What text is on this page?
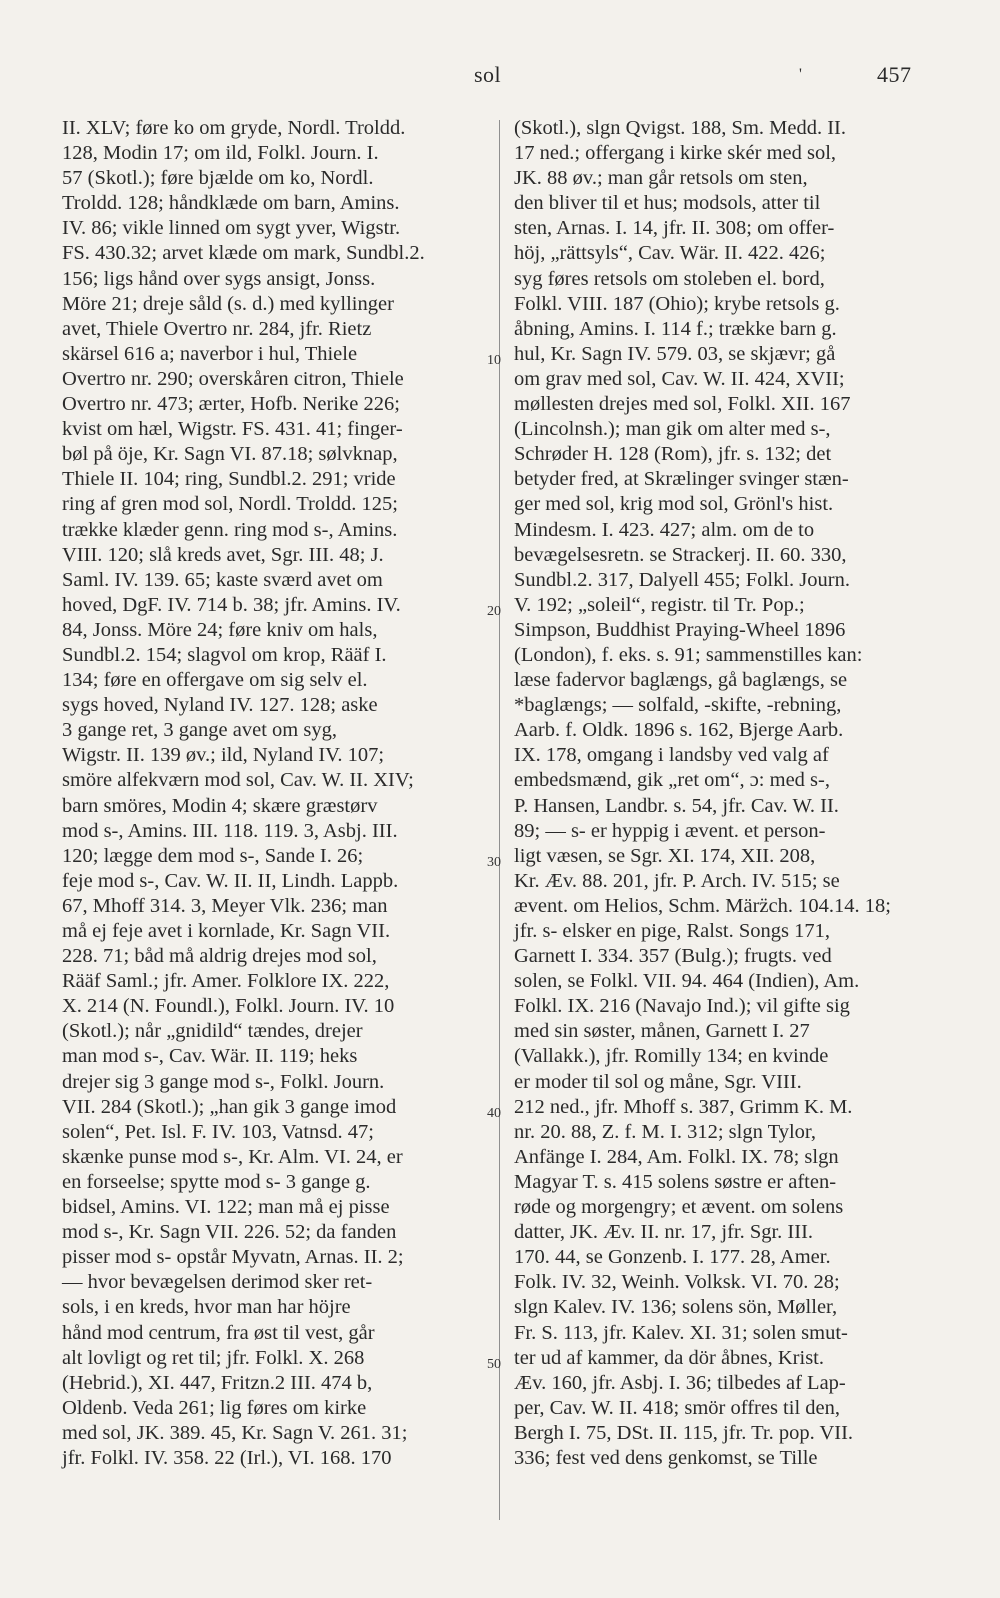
sol	'	457
II. XLV; føre ko om gryde, Nordl. Troldd.
128, Modin 17; om ild, Folkl. Journ. I.
57 (Skotl.); føre bjælde om ko, Nordl.
Troldd. 128; håndklæde om barn, Amins.
IV. 86; vikle linned om sygt yver, Wigstr.
FS. 430.32; arvet klæde om mark, Sundbl.2.
156; ligs hånd over sygs ansigt, Jonss.
Möre 21; dreje såld (s. d.) med kyllinger
avet, Thiele Overtro nr. 284, jfr. Rietz
skärsel 616 a; naverbor i hul, Thiele
Overtro nr. 290; overskåren citron, Thiele
Overtro nr. 473; ærter, Hofb. Nerike 226;
kvist om hæl, Wigstr. FS. 431. 41; finger-
bøl på öje, Kr. Sagn VI. 87.18; sølvknap,
Thiele II. 104; ring, Sundbl.2. 291; vride
ring af gren mod sol, Nordl. Troldd. 125;
trække klæder genn. ring mod s-, Amins.
VIII. 120; slå kreds avet, Sgr. III. 48; J.
Saml. IV. 139. 65; kaste sværd avet om
hoved, DgF. IV. 714 b. 38; jfr. Amins. IV.
84, Jonss. Möre 24; føre kniv om hals,
Sundbl.2. 154; slagvol om krop, Rääf I.
134; føre en offergave om sig selv el.
sygs hoved, Nyland IV. 127. 128; aske
3 gange ret, 3 gange avet om syg,
Wigstr. II. 139 øv.; ild, Nyland IV. 107;
smöre alfekværn mod sol, Cav. W. II. XIV;
barn smöres, Modin 4; skære græstørv
mod s-, Amins. III. 118. 119. 3, Asbj. III.
120; lægge dem mod s-, Sande I. 26;
feje mod s-, Cav. W. II. II, Lindh. Lappb.
67, Mhoff 314. 3, Meyer Vlk. 236; man
må ej feje avet i kornlade, Kr. Sagn VII.
228. 71; båd må aldrig drejes mod sol,
Rääf Saml.; jfr. Amer. Folklore IX. 222,
X. 214 (N. Foundl.), Folkl. Journ. IV. 10
(Skotl.); når „gnidild“ tændes, drejer
man mod s-, Cav. Wär. II. 119; heks
drejer sig 3 gange mod s-, Folkl. Journ.
VII. 284 (Skotl.); „han gik 3 gange imod
solen“, Pet. Isl. F. IV. 103, Vatnsd. 47;
skænke punse mod s-, Kr. Alm. VI. 24, er
en forseelse; spytte mod s- 3 gange g.
bidsel, Amins. VI. 122; man må ej pisse
mod s-, Kr. Sagn VII. 226. 52; da fanden
pisser mod s- opstår Myvatn, Arnas. II. 2;
— hvor bevægelsen derimod sker ret-
sols, i en kreds, hvor man har höjre
hånd mod centrum, fra øst til vest, går
alt lovligt og ret til; jfr. Folkl. X. 268
(Hebrid.), XI. 447, Fritzn.2 III. 474 b,
Oldenb. Veda 261; lig føres om kirke
med sol, JK. 389. 45, Kr. Sagn V. 261. 31;
jfr. Folkl. IV. 358. 22 (Irl.), VI. 168. 170
(Skotl.), slgn Qvigst. 188, Sm. Medd. II.
17 ned.; offergang i kirke skér med sol,
JK. 88 øv.; man går retsols om sten,
den bliver til et hus; modsols, atter til
sten, Arnas. I. 14, jfr. II. 308; om offer-
höj, „rättsyls“, Cav. Wär. II. 422. 426;
syg føres retsols om stoleben el. bord,
Folkl. VIII. 187 (Ohio); krybe retsols g.
åbning, Amins. I. 114 f.; trække barn g.
hul, Kr. Sagn IV. 579. 03, se skjævr; gå
om grav med sol, Cav. W. II. 424, XVII;
møllesten drejes med sol, Folkl. XII. 167
(Lincolnsh.); man gik om alter med s-,
Schrøder H. 128 (Rom), jfr. s. 132; det
betyder fred, at Skrælinger svinger stæn-
ger med sol, krig mod sol, Grönl's hist.
Mindesm. I. 423. 427; alm. om de to
bevægelsesretn. se Strackerj. II. 60. 330,
Sundbl.2. 317, Dalyell 455; Folkl. Journ.
V. 192; „soleil“, registr. til Tr. Pop.;
Simpson, Buddhist Praying-Wheel 1896
(London), f. eks. s. 91; sammenstilles kan:
læse fadervor baglængs, gå baglængs, se
*baglængs; — solfald, -skifte, -rebning,
Aarb. f. Oldk. 1896 s. 162, Bjerge Aarb.
IX. 178, omgang i landsby ved valg af
embedsmænd, gik „ret om“, ɔ: med s-,
P. Hansen, Landbr. s. 54, jfr. Cav. W. II.
89; — s- er hyppig i ævent. et person-
ligt væsen, se Sgr. XI. 174, XII. 208,
Kr. Æv. 88. 201, jfr. P. Arch. IV. 515; se
ævent. om Helios, Schm. März̈ch. 104.14. 18;
jfr. s- elsker en pige, Ralst. Songs 171,
Garnett I. 334. 357 (Bulg.); frugts. ved
solen, se Folkl. VII. 94. 464 (Indien), Am.
Folkl. IX. 216 (Navajo Ind.); vil gifte sig
med sin søster, månen, Garnett I. 27
(Vallakk.), jfr. Romilly 134; en kvinde
er moder til sol og måne, Sgr. VIII.
212 ned., jfr. Mhoff s. 387, Grimm K. M.
nr. 20. 88, Z. f. M. I. 312; slgn Tylor,
Anfänge I. 284, Am. Folkl. IX. 78; slgn
Magyar T. s. 415 solens søstre er aften-
røde og morgengry; et ævent. om solens
datter, JK. Æv. II. nr. 17, jfr. Sgr. III.
170. 44, se Gonzenb. I. 177. 28, Amer.
Folk. IV. 32, Weinh. Volksk. VI. 70. 28;
slgn Kalev. IV. 136; solens sön, Møller,
Fr. S. 113, jfr. Kalev. XI. 31; solen smut-
ter ud af kammer, da dör åbnes, Krist.
Æv. 160, jfr. Asbj. I. 36; tilbedes af Lap-
per, Cav. W. II. 418; smör offres til den,
Bergh I. 75, DSt. II. 115, jfr. Tr. pop. VII.
336; fest ved dens genkomst, se Tille
10
20
30
40
50
